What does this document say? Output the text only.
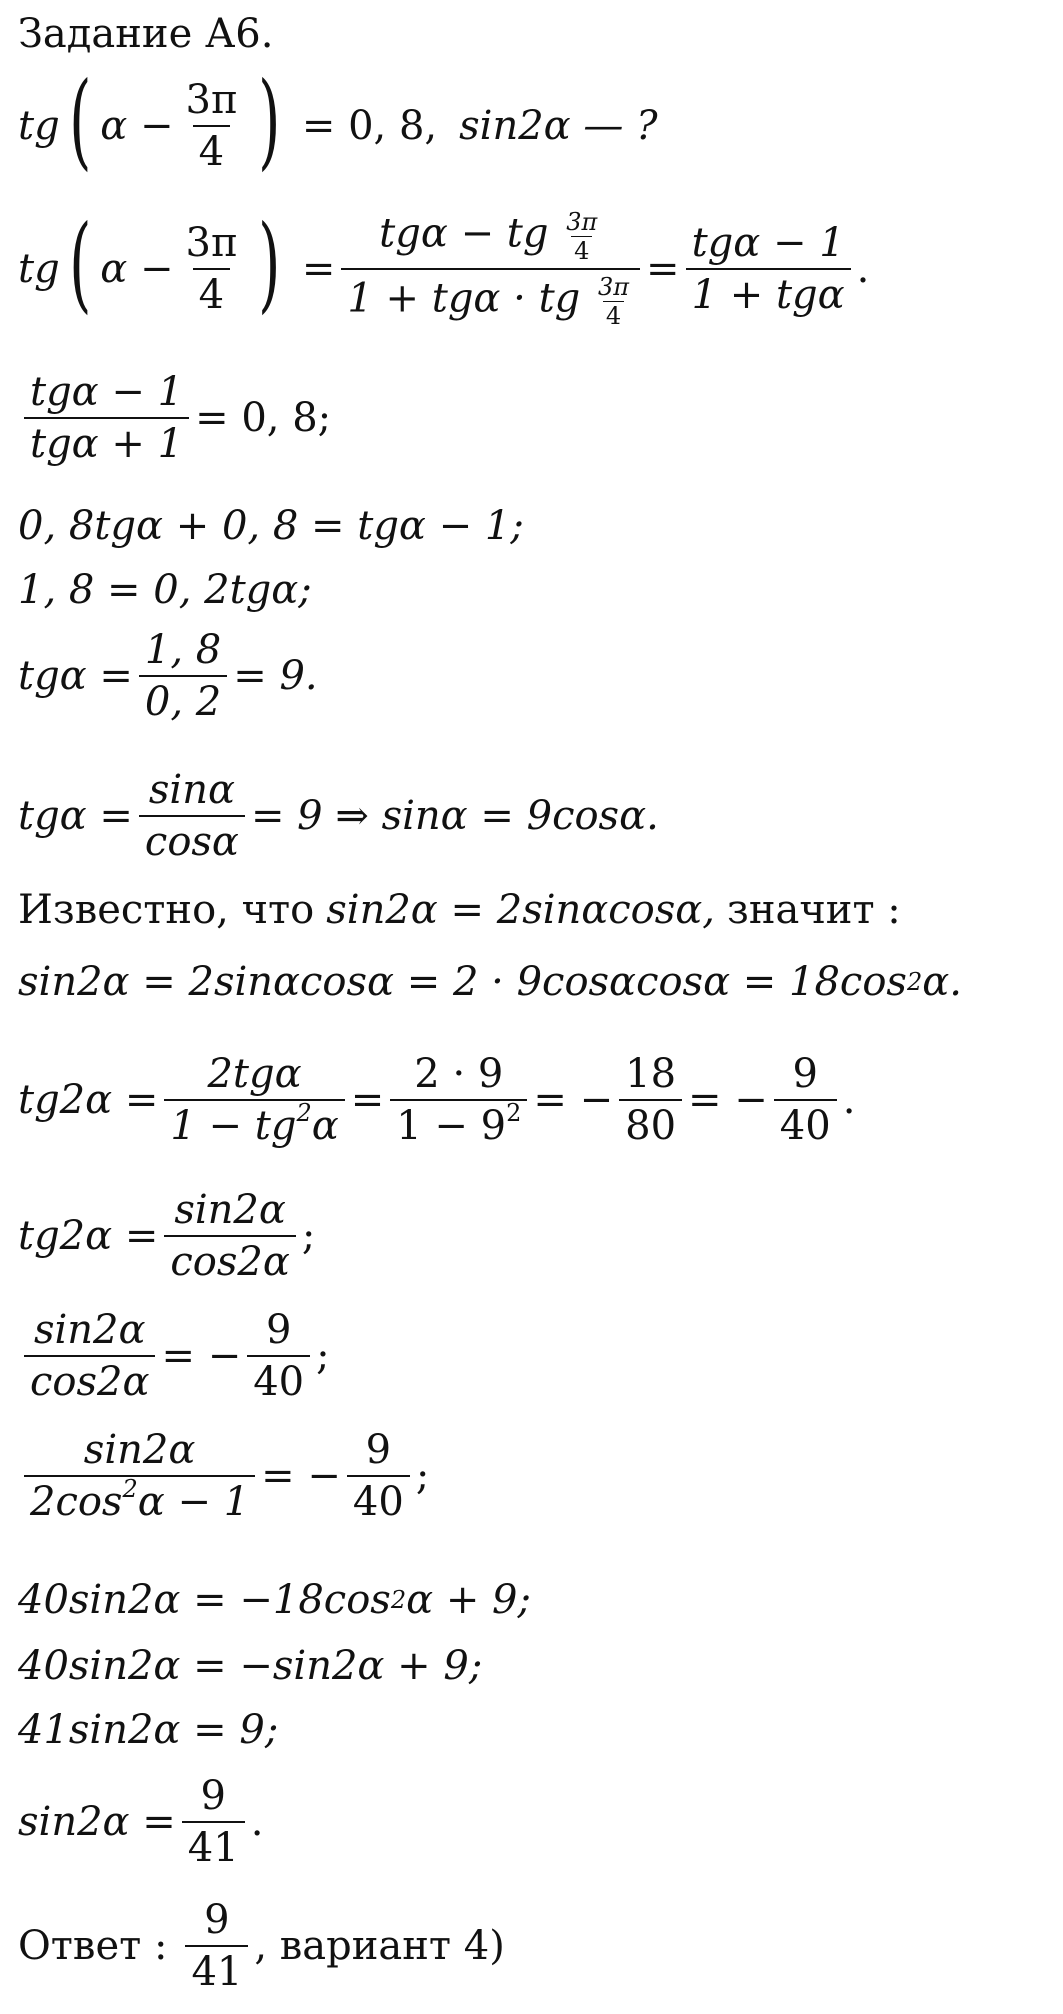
Задание А6.
tg ( $\alpha - \frac{3\pi}{4}$ ) = 0, 8, sin2α — ?
tg ( $\alpha - \frac{3\pi}{4}$ ) = $\frac{tg\alpha - tg \frac{3\pi}{4}}{1 + tg\alpha \cdot tg \frac{3\pi}{4}} = \frac{\text{tgα − 1}}{\text{1 + tgα}}$ .
$\frac{\text{tgα − 1}}{\text{tgα + 1}} = 0$, 8;
0, 8tgα + 0, 8 = tgα − 1;
1, 8 = 0, 2tgα;
$tg\alpha = \frac{1, 8}{0, 2} = 9$.
$tg\alpha = \frac{\sin\alpha}{\cos\alpha} = 9$ ⇒ sinα = 9cosα.
Известно, что sin2α = 2sinαcosα, значит :
sin2α = 2sinαcosα = 2 · 9cosαcosα = 18cos 2 α.
$tg2\alpha = \frac{\text{2tgα}}{1 - tg^2\alpha} = \frac{2 \cdot 9}{1 - 9^2}$ = − $\frac{18}{80}$ = − $\frac{9}{40}$ .
$tg2\alpha = \frac{\sin 2\alpha}{\cos 2\alpha}$ ;
$\frac{\sin 2\alpha}{\cos 2\alpha}$ = − $\frac{9}{40}$ ;
$\frac{\sin 2\alpha}{2\cos^2\alpha - 1}$ = − $\frac{9}{40}$ ;
40sin2α = −18cos 2 α + 9;
40sin2α = −sin2α + 9;
41sin2α = 9;
$\sin 2\alpha = \frac{9}{41}$ .
Ответ : $\frac{9}{41}$ , вариант 4)
